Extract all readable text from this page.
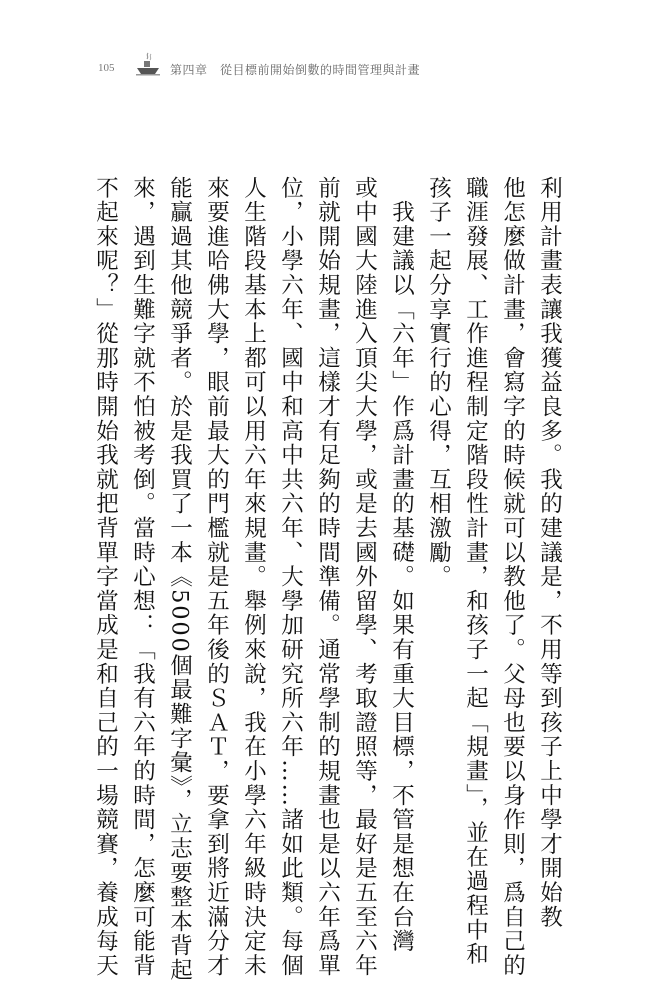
105	第四章　從目標前開始倒數的時間管理與計畫
利用計畫表讓我獲益良多。我的建議是，不用等到孩子上中學才開始教
他怎麼做計畫，會寫字的時候就可以教他了。父母也要以身作則，爲自己的
職涯發展、工作進程制定階段性計畫，和孩子一起「規畫」，並在過程中和
孩子一起分享實行的心得，互相激勵。
　我建議以「六年」作爲計畫的基礎。如果有重大目標，不管是想在台灣
或中國大陸進入頂尖大學，或是去國外留學、考取證照等，最好是五至六年
前就開始規畫，這樣才有足夠的時間準備。通常學制的規畫也是以六年爲單
位，小學六年、國中和高中共六年、大學加研究所六年……諸如此類。每個
人生階段基本上都可以用六年來規畫。舉例來說，我在小學六年級時決定未
來要進哈佛大學，眼前最大的門檻就是五年後的ＳＡＴ，要拿到將近滿分才
能贏過其他競爭者。於是我買了一本《5000個最難字彙》，立志要整本背起
來，遇到生難字就不怕被考倒。當時心想：「我有六年的時間，怎麼可能背
不起來呢？」從那時開始我就把背單字當成是和自己的一場競賽，養成每天
